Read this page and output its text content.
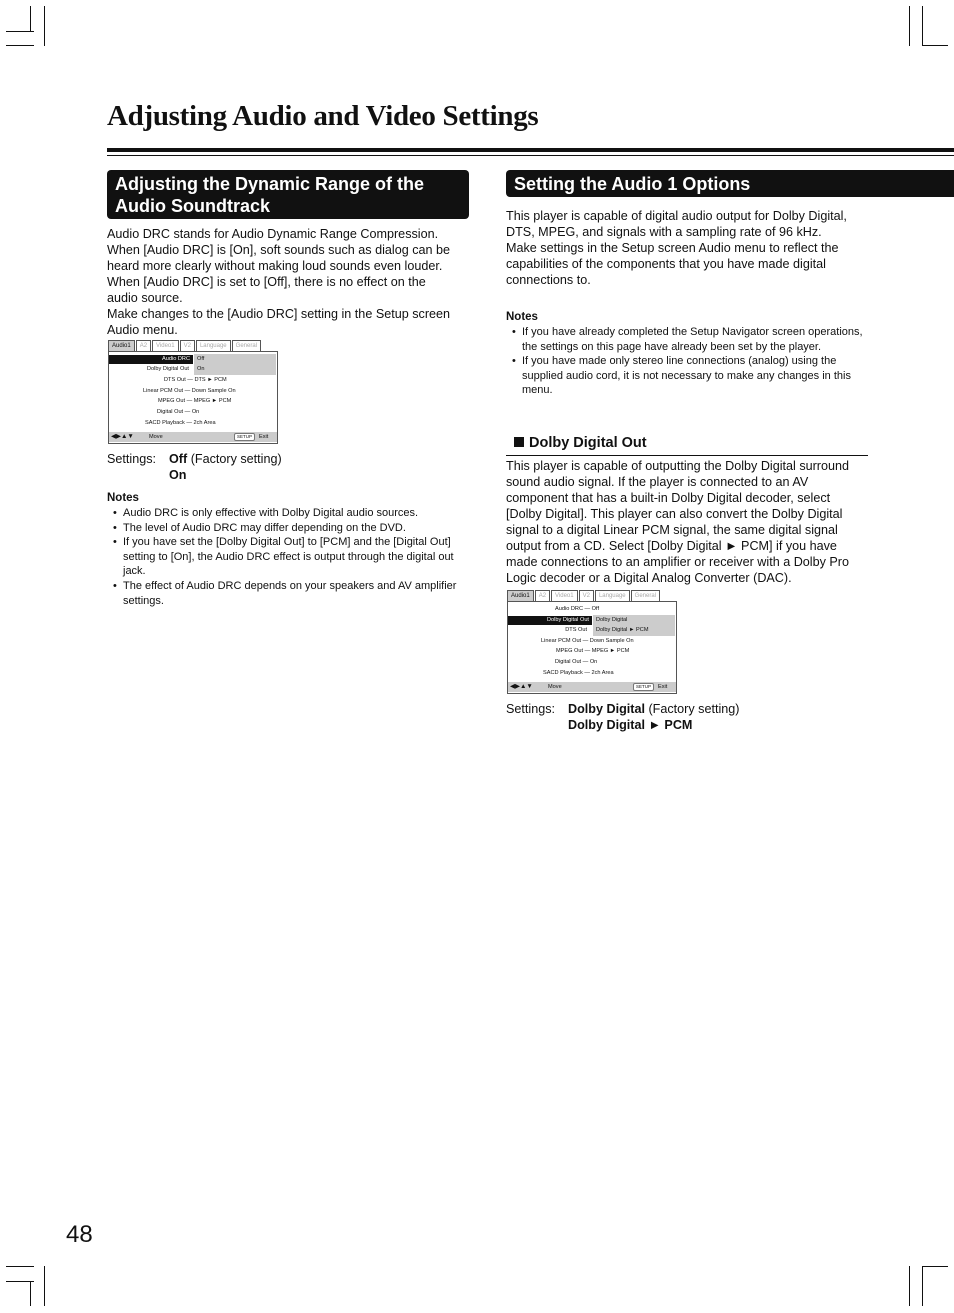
Adjusting Audio and Video Settings
Adjusting the Dynamic Range of the Audio Soundtrack
Audio DRC stands for Audio Dynamic Range Compression.
When [Audio DRC] is [On], soft sounds such as dialog can be
heard more clearly without making loud sounds even louder.
When [Audio DRC] is set to [Off], there is no effect on the
audio source.
Make changes to the [Audio DRC] setting in the Setup screen
Audio menu.
Audio1	A2	Video1	V2	Language	General
Audio DRC	Off
On
Dolby Digital Out
DTS Out — DTS ► PCM
Linear PCM Out — Down Sample On
MPEG Out — MPEG ► PCM
Digital Out — On
SACD Playback — 2ch Area
◀▶▲▼	Move	SETUP	Exit
Settings: Off (Factory setting)
On
Notes
• Audio DRC is only effective with Dolby Digital audio sources.
• The level of Audio DRC may differ depending on the DVD.
• If you have set the [Dolby Digital Out] to [PCM] and the [Digital Out] setting to [On], the Audio DRC effect is output through the digital out jack.
• The effect of Audio DRC depends on your speakers and AV amplifier settings.
Setting the Audio 1 Options
This player is capable of digital audio output for Dolby Digital,
DTS, MPEG, and signals with a sampling rate of 96 kHz.
Make settings in the Setup screen Audio menu to reflect the
capabilities of the components that you have made digital
connections to.
Notes
• If you have already completed the Setup Navigator screen operations, the settings on this page have already been set by the player.
• If you have made only stereo line connections (analog) using the supplied audio cord, it is not necessary to make any changes in this menu.
Dolby Digital Out
This player is capable of outputting the Dolby Digital surround
sound audio signal. If the player is connected to an AV
component that has a built-in Dolby Digital decoder, select
[Dolby Digital]. This player can also convert the Dolby Digital
signal to a digital Linear PCM signal, the same digital signal
output from a CD. Select [Dolby Digital ► PCM] if you have
made connections to an amplifier or receiver with a Dolby Pro
Logic decoder or a Digital Analog Converter (DAC).
Audio1	A2	Video1	V2	Language	General
Audio DRC — Off
Dolby Digital Out	Dolby Digital
Dolby Digital ► PCM
DTS Out
Linear PCM Out — Down Sample On
MPEG Out — MPEG ► PCM
Digital Out — On
SACD Playback — 2ch Area
◀▶▲▼	Move	SETUP	Exit
Settings: Dolby Digital (Factory setting)
Dolby Digital ► PCM
48
